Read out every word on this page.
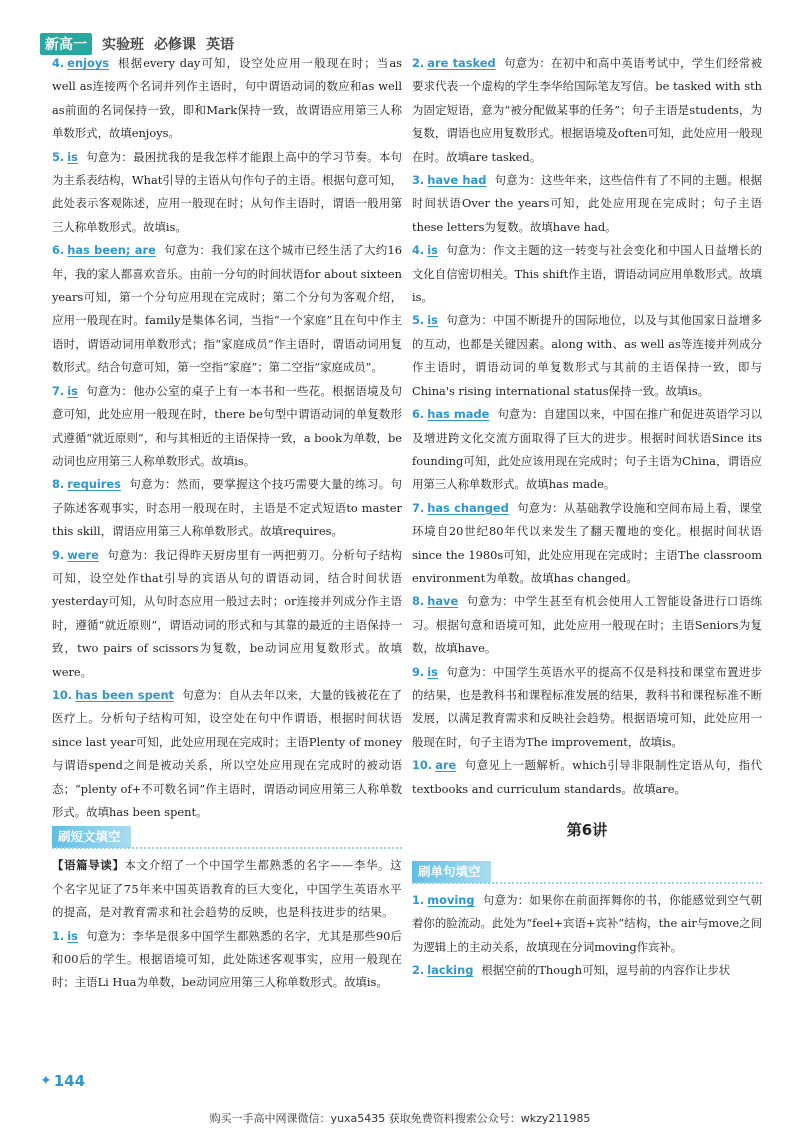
新高一	实验班 必修课 英语

4. enjoys 根据every day可知，设空处应用一般现在时；当as well as连接两个名词并列作主语时，句中谓语动词的数应和as well as前面的名词保持一致，即和Mark保持一致，故谓语应用第三人称单数形式，故填enjoys。

5. is 句意为：最困扰我的是我怎样才能跟上高中的学习节奏。本句为主系表结构，What引导的主语从句作句子的主语。根据句意可知，此处表示客观陈述，应用一般现在时；从句作主语时，谓语一般用第三人称单数形式。故填is。

6. has been; are 句意为：我们家在这个城市已经生活了大约16年，我的家人都喜欢音乐。由前一分句的时间状语for about sixteen years可知，第一个分句应用现在完成时；第二个分句为客观介绍，应用一般现在时。family是集体名词，当指“一个家庭”且在句中作主语时，谓语动词用单数形式；指“家庭成员”作主语时，谓语动词用复数形式。结合句意可知，第一空指“家庭”；第二空指“家庭成员”。

7. is 句意为：他办公室的桌子上有一本书和一些花。根据语境及句意可知，此处应用一般现在时，there be句型中谓语动词的单复数形式遵循“就近原则”，和与其相近的主语保持一致，a book为单数，be动词也应用第三人称单数形式。故填is。

8. requires 句意为：然而，要掌握这个技巧需要大量的练习。句子陈述客观事实，时态用一般现在时，主语是不定式短语to master this skill，谓语应用第三人称单数形式。故填requires。

9. were 句意为：我记得昨天厨房里有一两把剪刀。分析句子结构可知，设空处作that引导的宾语从句的谓语动词，结合时间状语yesterday可知，从句时态应用一般过去时；or连接并列成分作主语时，遵循“就近原则”，谓语动词的形式和与其靠的最近的主语保持一致，two pairs of scissors为复数，be动词应用复数形式。故填were。

10. has been spent 句意为：自从去年以来，大量的钱被花在了医疗上。分析句子结构可知，设空处在句中作谓语，根据时间状语since last year可知，此处应用现在完成时；主语Plenty of money与谓语spend之间是被动关系，所以空处应用现在完成时的被动语态；“plenty of+不可数名词”作主语时，谓语动词应用第三人称单数形式。故填has been spent。

刷短文填空

【语篇导读】本文介绍了一个中国学生都熟悉的名字——李华。这个名字见证了75年来中国英语教育的巨大变化，中国学生英语水平的提高，是对教育需求和社会趋势的反映，也是科技进步的结果。

1. is 句意为：李华是很多中国学生都熟悉的名字，尤其是那些90后和00后的学生。根据语境可知，此处陈述客观事实，应用一般现在时；主语Li Hua为单数，be动词应用第三人称单数形式。故填is。

2. are tasked 句意为：在初中和高中英语考试中，学生们经常被要求代表一个虚构的学生李华给国际笔友写信。be tasked with sth为固定短语，意为“被分配做某事的任务”；句子主语是students，为复数，谓语也应用复数形式。根据语境及often可知，此处应用一般现在时。故填are tasked。

3. have had 句意为：这些年来，这些信件有了不同的主题。根据时间状语Over the years可知，此处应用现在完成时；句子主语these letters为复数。故填have had。

4. is 句意为：作文主题的这一转变与社会变化和中国人日益增长的文化自信密切相关。This shift作主语，谓语动词应用单数形式。故填is。

5. is 句意为：中国不断提升的国际地位，以及与其他国家日益增多的互动，也都是关键因素。along with、as well as等连接并列成分作主语时，谓语动词的单复数形式与其前的主语保持一致，即与China's rising international status保持一致。故填is。

6. has made 句意为：自建国以来，中国在推广和促进英语学习以及增进跨文化交流方面取得了巨大的进步。根据时间状语Since its founding可知，此处应该用现在完成时；句子主语为China，谓语应用第三人称单数形式。故填has made。

7. has changed 句意为：从基础教学设施和空间布局上看，课堂环境自20世纪80年代以来发生了翻天覆地的变化。根据时间状语since the 1980s可知，此处应用现在完成时；主语The classroom environment为单数。故填has changed。

8. have 句意为：中学生甚至有机会使用人工智能设备进行口语练习。根据句意和语境可知，此处应用一般现在时；主语Seniors为复数，故填have。

9. is 句意为：中国学生英语水平的提高不仅是科技和课堂布置进步的结果，也是教科书和课程标准发展的结果，教科书和课程标准不断发展，以满足教育需求和反映社会趋势。根据语境可知，此处应用一般现在时，句子主语为The improvement，故填is。

10. are 句意见上一题解析。which引导非限制性定语从句，指代textbooks and curriculum standards。故填are。

第6讲
刷单句填空

1. moving 句意为：如果你在前面挥舞你的书，你能感觉到空气朝着你的脸流动。此处为“feel+宾语+宾补”结构，the air与move之间为逻辑上的主动关系，故填现在分词moving作宾补。

2. lacking 根据空前的Though可知，逗号前的内容作让步状

✦ 144
购买一手高中网课微信：yuxa5435 获取免费资料搜索公众号：wkzy211985
